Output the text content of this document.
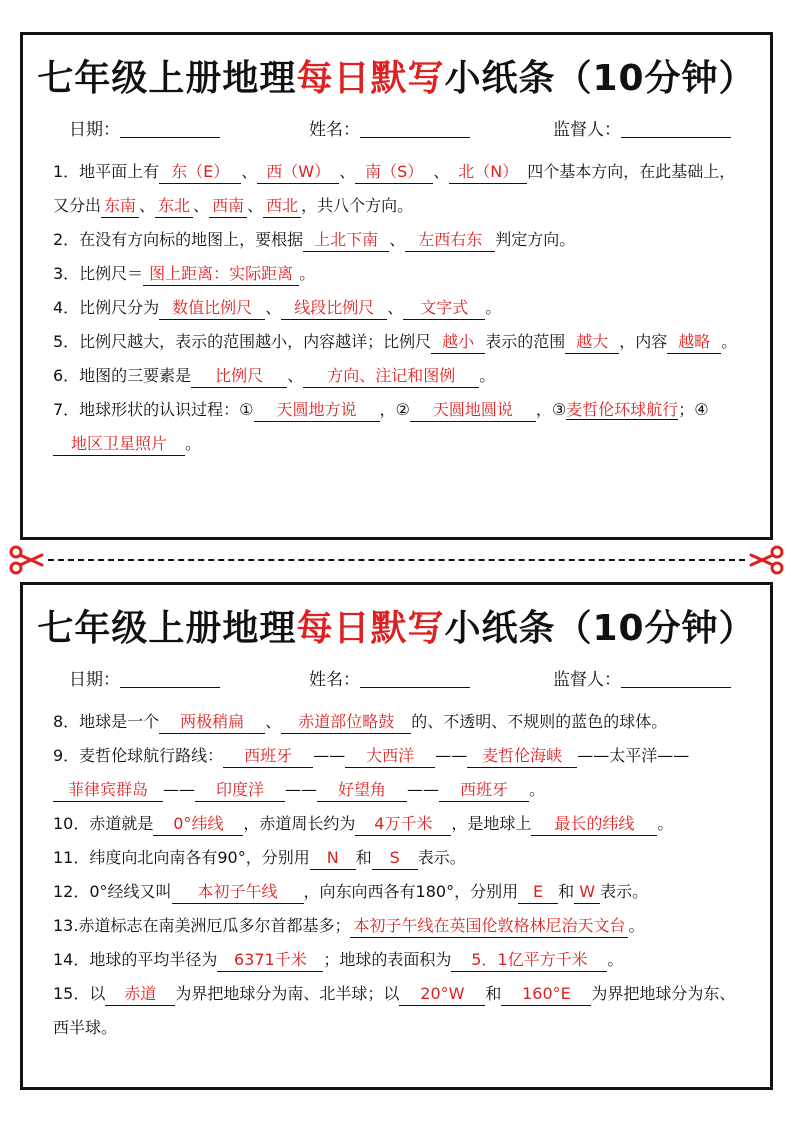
七年级上册地理每日默写小纸条（10分钟）
日期：	姓名：	监督人：
1．地平面上有 东（E） 、 西（W） 、 南（S） 、 北（N） 四个基本方向，在此基础上，又分出 东南 、 东北 、 西南 、 西北 ，共八个方向。
2．在没有方向标的地图上，要根据 上北下南 、 左西右东 判定方向。
3．比例尺＝ 图上距离：实际距离 。
4．比例尺分为 数值比例尺 、 线段比例尺 、 文字式 。
5．比例尺越大，表示的范围越小，内容越详；比例尺 越小 表示的范围 越大 ，内容 越略 。
6．地图的三要素是 比例尺 、 方向、注记和图例 。
7．地球形状的认识过程：① 天圆地方说 ，② 天圆地圆说 ，③麦哲伦环球航行；④地区卫星照片 。
七年级上册地理每日默写小纸条（10分钟）
日期：	姓名：	监督人：
8．地球是一个 两极稍扁 、 赤道部位略鼓 的、不透明、不规则的蓝色的球体。
9．麦哲伦球航行路线： 西班牙 —— 大西洋 —— 麦哲伦海峡 ——太平洋——菲律宾群岛 —— 印度洋 —— 好望角 —— 西班牙 。
10．赤道就是 0°纬线 ，赤道周长约为 4万千米 ，是地球上 最长的纬线 。
11．纬度向北向南各有90°，分别用 N 和 S 表示。
12．0°经线又叫 本初子午线 ，向东向西各有180°，分别用 E 和 W 表示。
13.赤道标志在南美洲厄瓜多尔首都基多； 本初子午线在英国伦敦格林尼治天文台 。
14．地球的平均半径为 6371千米 ；地球的表面积为 5．1亿平方千米 。
15．以 赤道 为界把地球分为南、北半球；以 20°W 和 160°E 为界把地球分为东、西半球。
